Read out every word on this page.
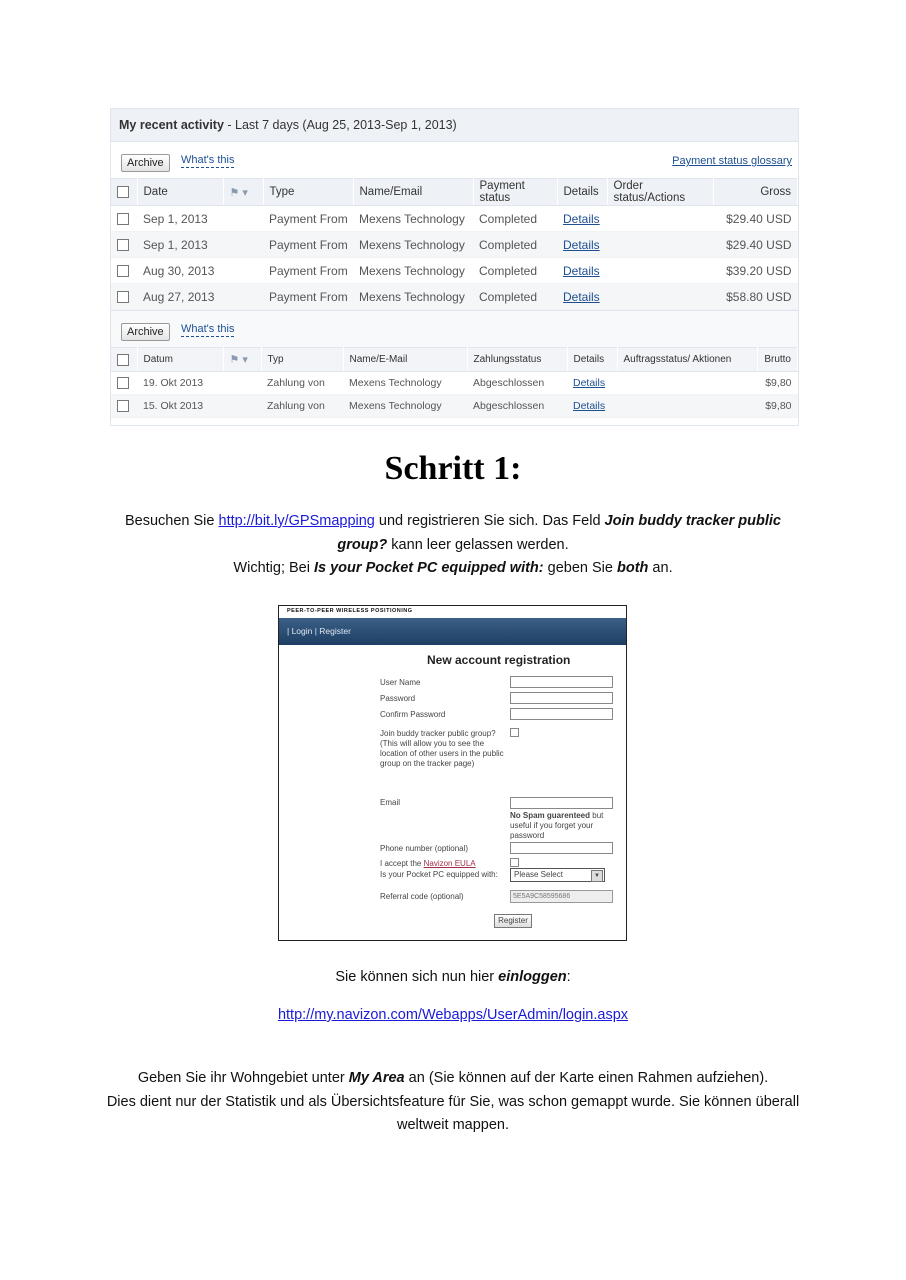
My recent activity - Last 7 days (Aug 25, 2013-Sep 1, 2013)
Archive	What's this	Payment status glossary
	Date	⚑ ▾	Type	Name/Email	Payment status	Details	Order status/Actions	Gross
	Sep 1, 2013		Payment From	Mexens Technology	Completed	Details		$29.40 USD
	Sep 1, 2013		Payment From	Mexens Technology	Completed	Details		$29.40 USD
	Aug 30, 2013		Payment From	Mexens Technology	Completed	Details		$39.20 USD
	Aug 27, 2013		Payment From	Mexens Technology	Completed	Details		$58.80 USD
Archive	What's this
	Datum	⚑ ▾	Typ	Name/E-Mail	Zahlungsstatus	Details	Auftragsstatus/ Aktionen	Brutto
	19. Okt 2013		Zahlung von	Mexens Technology	Abgeschlossen	Details		$9,80
	15. Okt 2013		Zahlung von	Mexens Technology	Abgeschlossen	Details		$9,80
Schritt 1:
Besuchen Sie http://bit.ly/GPSmapping und registrieren Sie sich. Das Feld Join buddy tracker public group? kann leer gelassen werden.
Wichtig; Bei Is your Pocket PC equipped with: geben Sie both an.
PEER-TO-PEER WIRELESS POSITIONING
| Login | Register
New account registration
User Name
Password
Confirm Password
Join buddy tracker public group?
(This will allow you to see the location of other users in the public group on the tracker page)
Email
No Spam guarenteed but useful if you forget your password
Phone number (optional)
I accept the Navizon EULA
Is your Pocket PC equipped with:	Please Select	▼
Referral code (optional)	5E5A9C58595686
Register
Sie können sich nun hier einloggen:
http://my.navizon.com/Webapps/UserAdmin/login.aspx
Geben Sie ihr Wohngebiet unter My Area an (Sie können auf der Karte einen Rahmen aufziehen).
Dies dient nur der Statistik und als Übersichtsfeature für Sie, was schon gemappt wurde. Sie können überall weltweit mappen.
